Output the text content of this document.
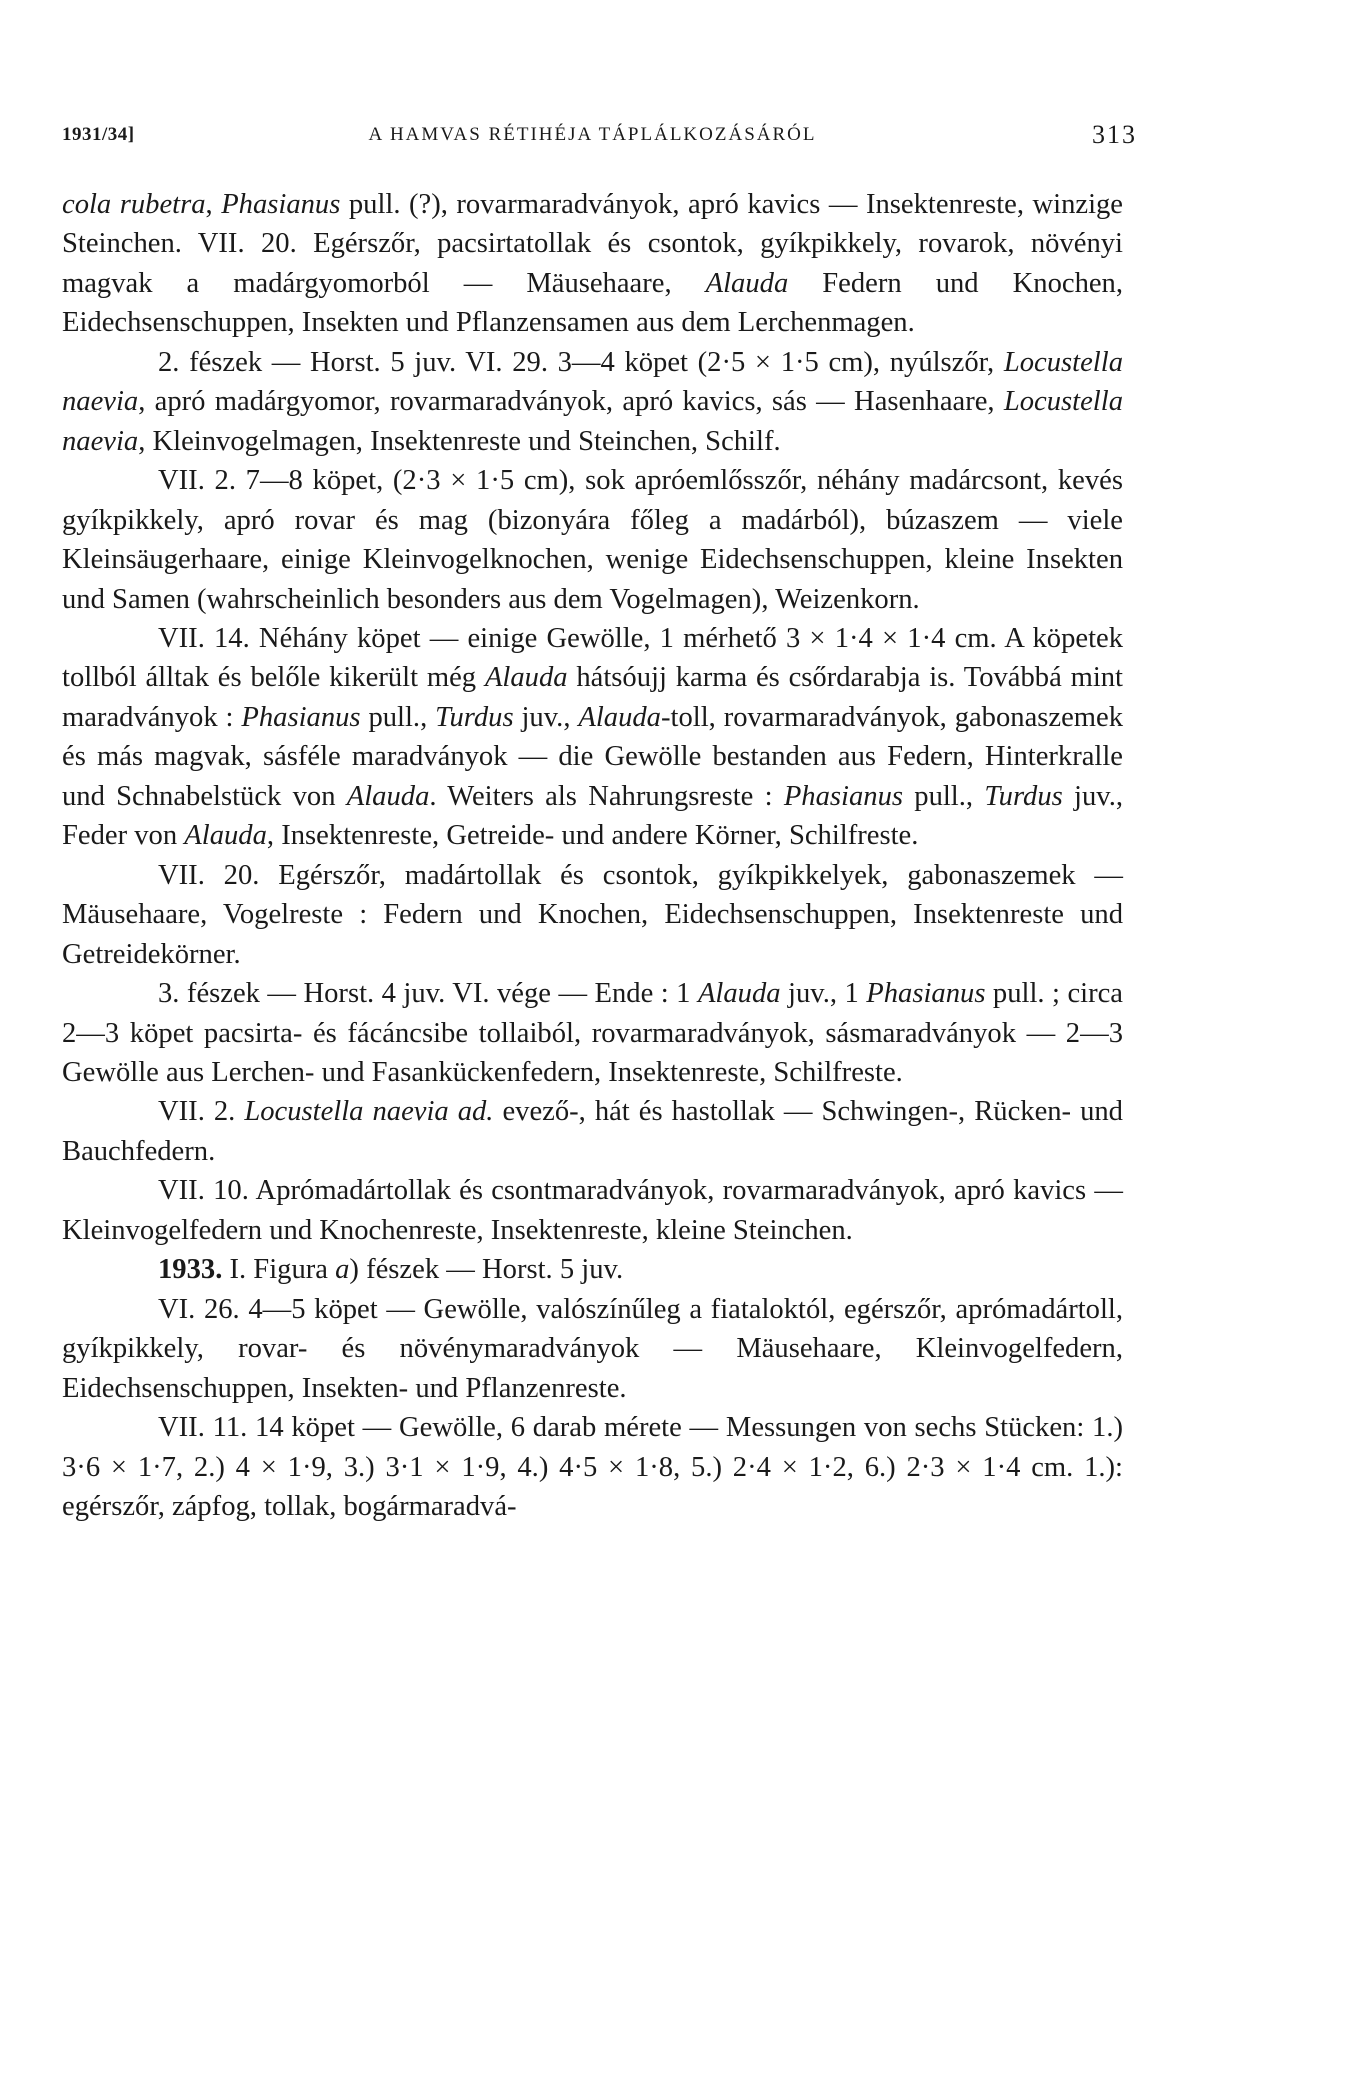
1931/34]	A HAMVAS RÉTIHÉJA TÁPLÁLKOZÁSÁRÓL	313

cola rubetra, Phasianus pull. (?), rovarmaradványok, apró kavics — Insektenreste, winzige Steinchen. VII. 20. Egérszőr, pacsirtatollak és csontok, gyíkpikkely, rovarok, növényi magvak a madárgyomorból — Mäusehaare, Alauda Federn und Knochen, Eidechsenschuppen, Insekten und Pflanzensamen aus dem Lerchenmagen.

2. fészek — Horst. 5 juv. VI. 29. 3—4 köpet (2·5 × 1·5 cm), nyúlszőr, Locustella naevia, apró madárgyomor, rovarmaradványok, apró kavics, sás — Hasenhaare, Locustella naevia, Kleinvogelmagen, Insektenreste und Steinchen, Schilf.

VII. 2. 7—8 köpet, (2·3 × 1·5 cm), sok apróemlősszőr, néhány madárcsont, kevés gyíkpikkely, apró rovar és mag (bizonyára főleg a madárból), búzaszem — viele Kleinsäugerhaare, einige Kleinvogelknochen, wenige Eidechsenschuppen, kleine Insekten und Samen (wahrscheinlich besonders aus dem Vogelmagen), Weizenkorn.

VII. 14. Néhány köpet — einige Gewölle, 1 mérhető 3 × 1·4 × 1·4 cm. A köpetek tollból álltak és belőle kikerült még Alauda hátsóujj karma és csőrdarabja is. Továbbá mint maradványok : Phasianus pull., Turdus juv., Alauda-toll, rovarmaradványok, gabonaszemek és más magvak, sásféle maradványok — die Gewölle bestanden aus Federn, Hinterkralle und Schnabelstück von Alauda. Weiters als Nahrungsreste : Phasianus pull., Turdus juv., Feder von Alauda, Insektenreste, Getreide- und andere Körner, Schilfreste.

VII. 20. Egérszőr, madártollak és csontok, gyíkpikkelyek, gabonaszemek — Mäusehaare, Vogelreste : Federn und Knochen, Eidechsenschuppen, Insektenreste und Getreidekörner.

3. fészek — Horst. 4 juv. VI. vége — Ende : 1 Alauda juv., 1 Phasianus pull. ; circa 2—3 köpet pacsirta- és fácáncsibe tollaiból, rovarmaradványok, sásmaradványok — 2—3 Gewölle aus Lerchen- und Fasankückenfedern, Insektenreste, Schilfreste.

VII. 2. Locustella naevia ad. evező-, hát és hastollak — Schwingen-, Rücken- und Bauchfedern.

VII. 10. Aprómadártollak és csontmaradványok, rovarmaradványok, apró kavics — Kleinvogelfedern und Knochenreste, Insektenreste, kleine Steinchen.

1933. I. Figura a) fészek — Horst. 5 juv.

VI. 26. 4—5 köpet — Gewölle, valószínűleg a fiataloktól, egérszőr, aprómadártoll, gyíkpikkely, rovar- és növénymaradványok — Mäusehaare, Kleinvogelfedern, Eidechsenschuppen, Insekten- und Pflanzenreste.

VII. 11. 14 köpet — Gewölle, 6 darab mérete — Messungen von sechs Stücken: 1.) 3·6 × 1·7, 2.) 4 × 1·9, 3.) 3·1 × 1·9, 4.) 4·5 × 1·8, 5.) 2·4 × 1·2, 6.) 2·3 × 1·4 cm. 1.): egérszőr, zápfog, tollak, bogármaradvá-
